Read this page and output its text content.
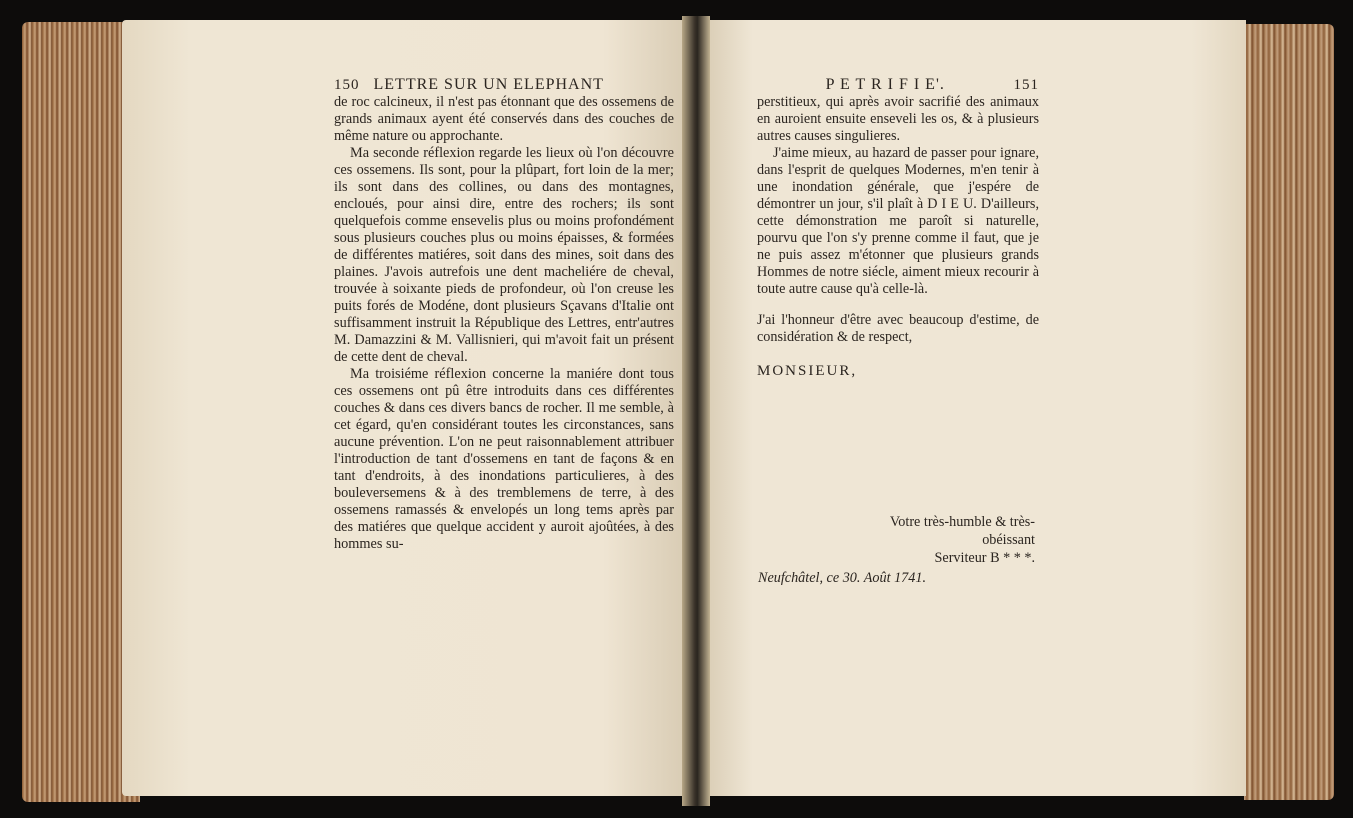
150 LETTRE SUR UN ELEPHANT

de roc calcineux, il n'est pas étonnant que des ossemens de grands animaux ayent été conservés dans des couches de même nature ou approchante.

Ma seconde réflexion regarde les lieux où l'on découvre ces ossemens. Ils sont, pour la plûpart, fort loin de la mer; ils sont dans des collines, ou dans des montagnes, encloués, pour ainsi dire, entre des rochers; ils sont quelquefois comme ensevelis plus ou moins profondément sous plusieurs couches plus ou moins épaisses, & formées de différentes matiéres, soit dans des mines, soit dans des plaines. J'avois autrefois une dent macheliére de cheval, trouvée à soixante pieds de profondeur, où l'on creuse les puits forés de Modéne, dont plusieurs Sçavans d'Italie ont suffisamment instruit la République des Lettres, entr'autres M. Damazzini & M. Vallisnieri, qui m'avoit fait un présent de cette dent de cheval.

Ma troisiéme réflexion concerne la maniére dont tous ces ossemens ont pû être introduits dans ces différentes couches & dans ces divers bancs de rocher. Il me semble, à cet égard, qu'en considérant toutes les circonstances, sans aucune prévention. L'on ne peut raisonnablement attribuer l'introduction de tant d'ossemens en tant de façons & en tant d'endroits, à des inondations particulieres, à des bouleversemens & à des tremblemens de terre, à des ossemens ramassés & envelopés un long tems après par des matiéres que quelque accident y auroit ajoûtées, à des hommes su-

P E T R I F I E'.	151

perstitieux, qui après avoir sacrifié des animaux en auroient ensuite enseveli les os, & à plusieurs autres causes singulieres.

J'aime mieux, au hazard de passer pour ignare, dans l'esprit de quelques Modernes, m'en tenir à une inondation générale, que j'espére de démontrer un jour, s'il plaît à D I E U. D'ailleurs, cette démonstration me paroît si naturelle, pourvu que l'on s'y prenne comme il faut, que je ne puis assez m'étonner que plusieurs grands Hommes de notre siécle, aiment mieux recourir à toute autre cause qu'à celle-là.

J'ai l'honneur d'être avec beaucoup d'estime, de considération & de respect,

MONSIEUR,
Votre très-humble & très-obéissant
Serviteur B * * *.
Neufchâtel, ce 30. Août 1741.
